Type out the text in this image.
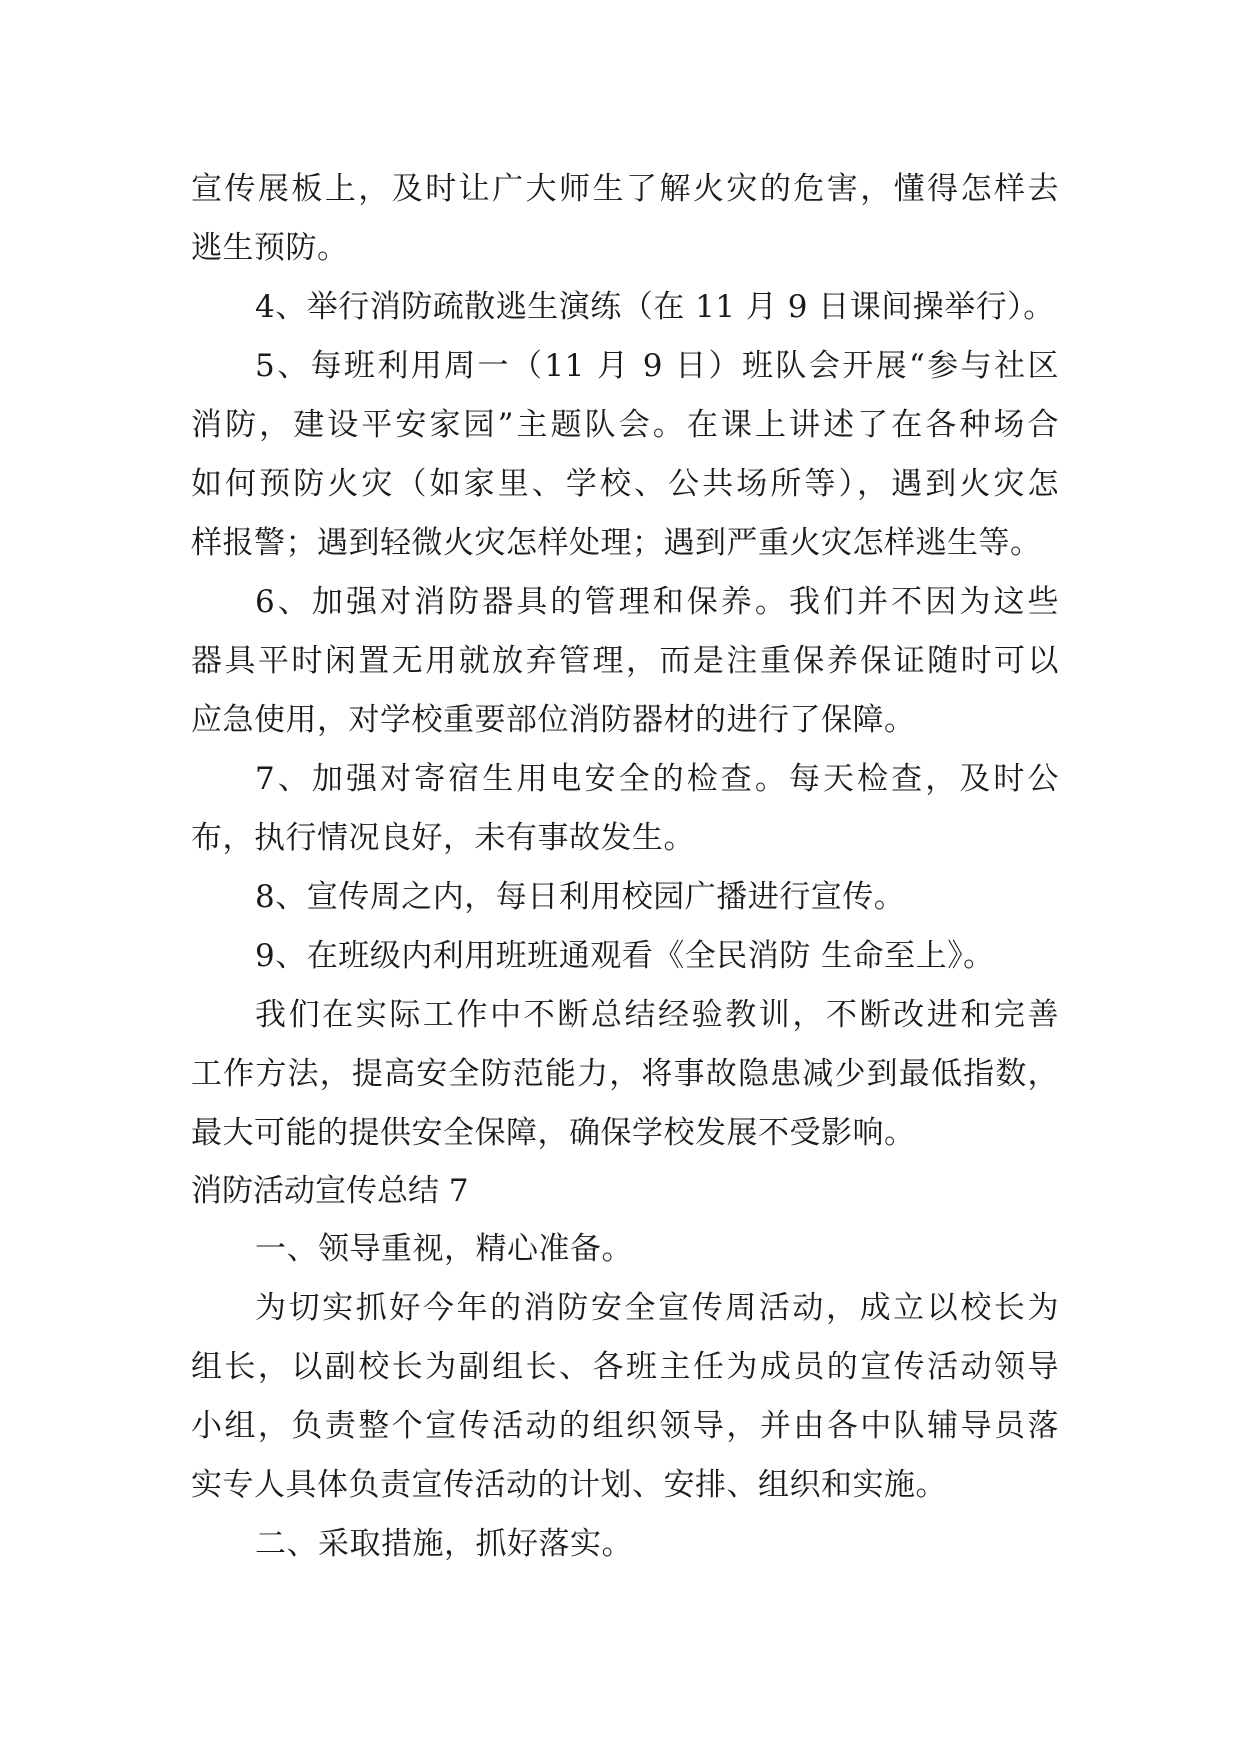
宣传展板上，及时让广大师生了解火灾的危害，懂得怎样去
逃生预防。
4、举行消防疏散逃生演练（在 11 月 9 日课间操举行）。
5、每班利用周一（11 月 9 日）班队会开展“参与社区
消防，建设平安家园”主题队会。在课上讲述了在各种场合
如何预防火灾（如家里、学校、公共场所等），遇到火灾怎
样报警；遇到轻微火灾怎样处理；遇到严重火灾怎样逃生等。
6、加强对消防器具的管理和保养。我们并不因为这些
器具平时闲置无用就放弃管理，而是注重保养保证随时可以
应急使用，对学校重要部位消防器材的进行了保障。
7、加强对寄宿生用电安全的检查。每天检查，及时公
布，执行情况良好，未有事故发生。
8、宣传周之内，每日利用校园广播进行宣传。
9、在班级内利用班班通观看《全民消防 生命至上》。
我们在实际工作中不断总结经验教训，不断改进和完善
工作方法，提高安全防范能力，将事故隐患减少到最低指数，
最大可能的提供安全保障，确保学校发展不受影响。
消防活动宣传总结 7
一、领导重视，精心准备。
为切实抓好今年的消防安全宣传周活动，成立以校长为
组长，以副校长为副组长、各班主任为成员的宣传活动领导
小组，负责整个宣传活动的组织领导，并由各中队辅导员落
实专人具体负责宣传活动的计划、安排、组织和实施。
二、采取措施，抓好落实。
